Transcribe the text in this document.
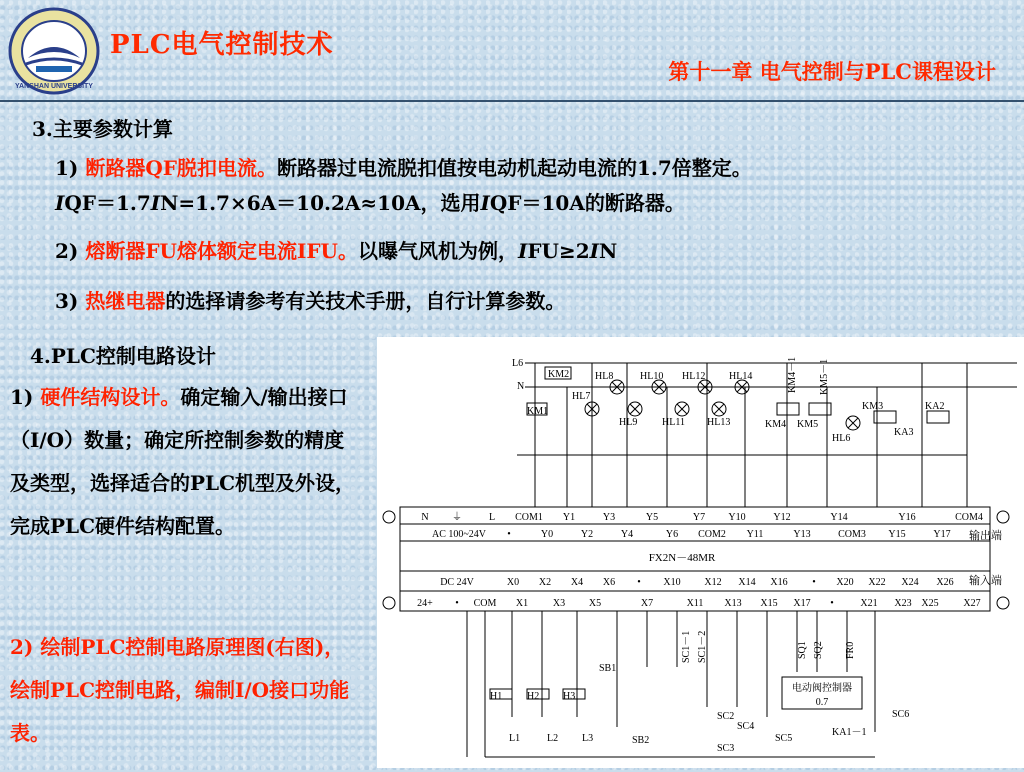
YANSHAN UNIVERSITY
PLC电气控制技术
第十一章 电气控制与PLC课程设计
3.主要参数计算
1) 断路器QF脱扣电流。断路器过电流脱扣值按电动机起动电流的1.7倍整定。
IQF＝1.7IN=1.7×6A＝10.2A≈10A，选用IQF＝10A的断路器。
2) 熔断器FU熔体额定电流IFU。以曝气风机为例，IFU≥2IN
3) 热继电器的选择请参考有关技术手册，自行计算参数。
4.PLC控制电路设计
1) 硬件结构设计。确定输入/输出接口（I/O）数量；确定所控制参数的精度及类型，选择适合的PLC机型及外设，完成PLC硬件结构配置。
2) 绘制PLC控制电路原理图(右图)，绘制PLC控制电路，编制I/O接口功能表。
L6
N
KM2
KM1
HL8
HL7
HL9
HL10 HL12
HL11 HL13
HL14	KM4－1 KM5－1
KM4 KM5
HL6
KM3	KA2
KA3
N ⏚	L COM1 Y1	Y3	Y5	Y7 Y10	Y12	Y14	Y16	COM4
AC 100~24V •	Y0	Y2	Y4	Y6 COM2 Y11	Y13	COM3 Y15	Y17 输出端
FX2N－48MR
输入端
DC 24V	X0 X2 X4 X6 • X10 X12 X14 X16 • X20 X22 X24 X26
24+ • COM X1 X3 X5	X7	X11 X13 X15 X17 •	X21 X23 X25 X27
H1 H2 H3
L1	L2 L3
SB1
SB2
SC1－1 SC1－2
SC2
SC3
SC4
SC5
SQ1 SQ2 FR0
电动阀控制器
0.7
KA1－1
SC6
